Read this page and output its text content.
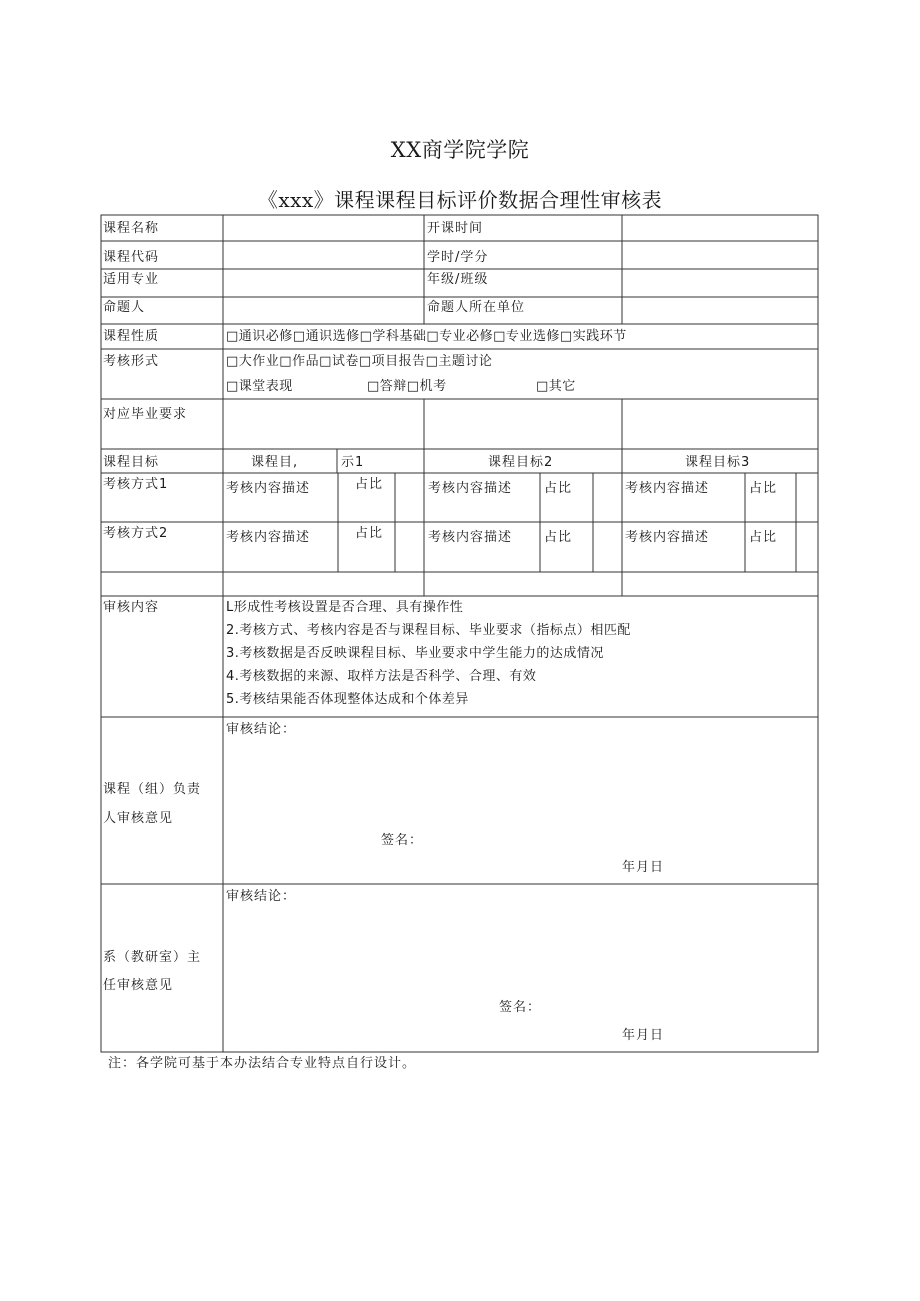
XX商学院学院
《xxx》课程课程目标评价数据合理性审核表
课程名称	开课时间
课程代码	学时/学分
适用专业	年级/班级
命题人	命题人所在单位
课程性质	□通识必修□通识选修□学科基础□专业必修□专业选修□实践环节
考核形式	□大作业□作品□试卷□项目报告□主题讨论
□课堂表现	□答辩□机考	□其它
对应毕业要求
课程目标	课程目,	示1	课程目标2	课程目标3
考核方式1	考核内容描述	占比	考核内容描述 占比	考核内容描述	占比
考核方式2	考核内容描述	占比	考核内容描述 占比	考核内容描述	占比
审核内容	L形成性考核设置是否合理、具有操作性
2.考核方式、考核内容是否与课程目标、毕业要求（指标点）相匹配
3.考核数据是否反映课程目标、毕业要求中学生能力的达成情况
4.考核数据的来源、取样方法是否科学、合理、有效
5.考核结果能否体现整体达成和个体差异
课程（组）负责
人审核意见
审核结论：
签名：
年月日
系（教研室）主
任审核意见
审核结论：
签名：
年月日
注：各学院可基于本办法结合专业特点自行设计。
